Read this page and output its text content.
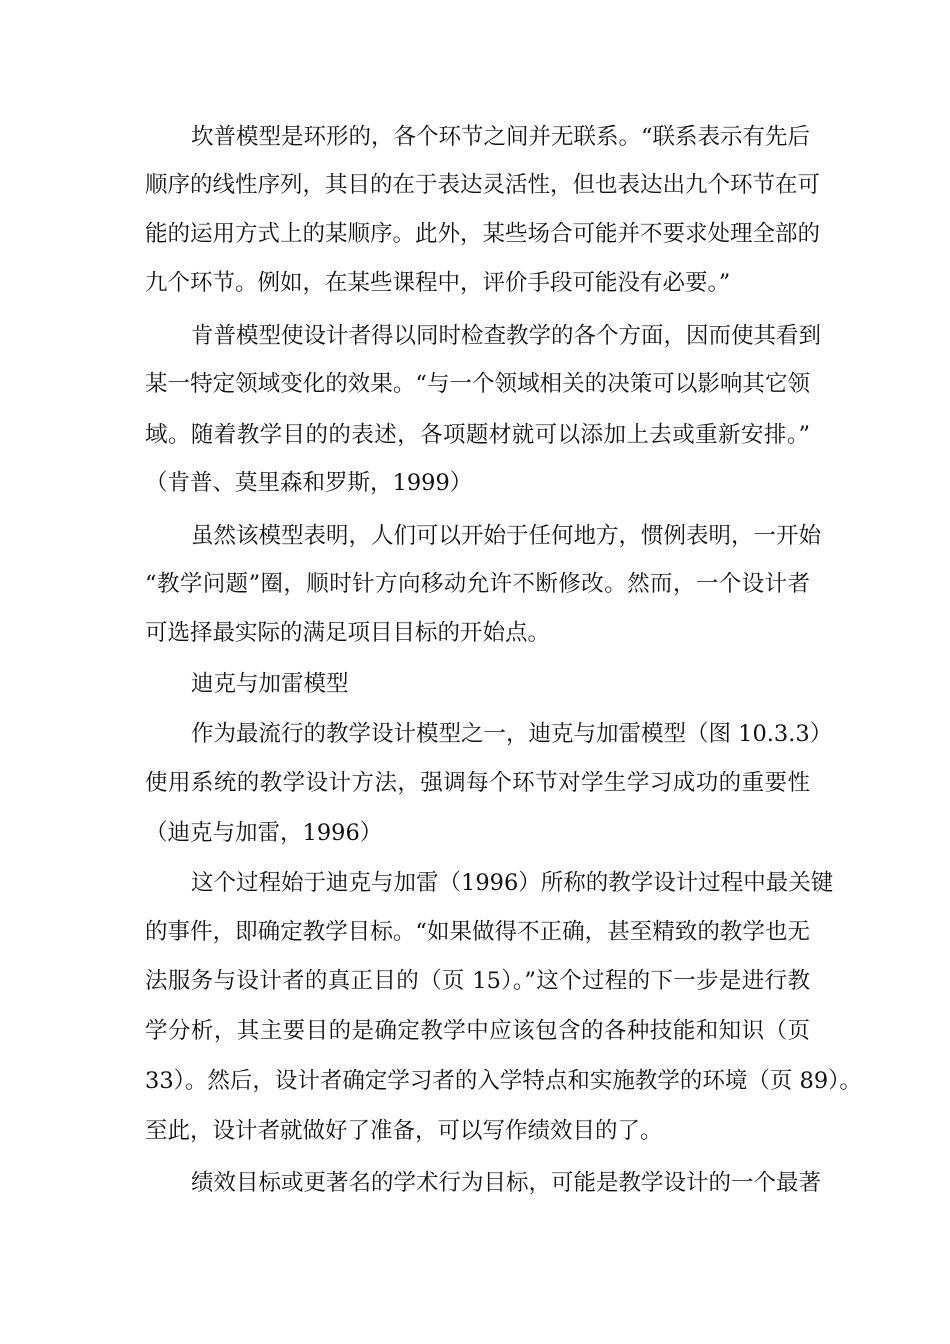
坎普模型是环形的，各个环节之间并无联系。“联系表示有先后
顺序的线性序列，其目的在于表达灵活性，但也表达出九个环节在可
能的运用方式上的某顺序。此外，某些场合可能并不要求处理全部的
九个环节。例如，在某些课程中，评价手段可能没有必要。”
肯普模型使设计者得以同时检查教学的各个方面，因而使其看到
某一特定领域变化的效果。“与一个领域相关的决策可以影响其它领
域。随着教学目的的表述，各项题材就可以添加上去或重新安排。”
（肯普、莫里森和罗斯，1999）
虽然该模型表明，人们可以开始于任何地方，惯例表明，一开始
“教学问题”圈，顺时针方向移动允许不断修改。然而，一个设计者
可选择最实际的满足项目目标的开始点。
迪克与加雷模型
作为最流行的教学设计模型之一，迪克与加雷模型（图 10.3.3）
使用系统的教学设计方法，强调每个环节对学生学习成功的重要性
（迪克与加雷，1996）
这个过程始于迪克与加雷（1996）所称的教学设计过程中最关键
的事件，即确定教学目标。“如果做得不正确，甚至精致的教学也无
法服务与设计者的真正目的（页 15）。”这个过程的下一步是进行教
学分析，其主要目的是确定教学中应该包含的各种技能和知识（页
33）。然后，设计者确定学习者的入学特点和实施教学的环境（页 89）。
至此，设计者就做好了准备，可以写作绩效目的了。
绩效目标或更著名的学术行为目标，可能是教学设计的一个最著
